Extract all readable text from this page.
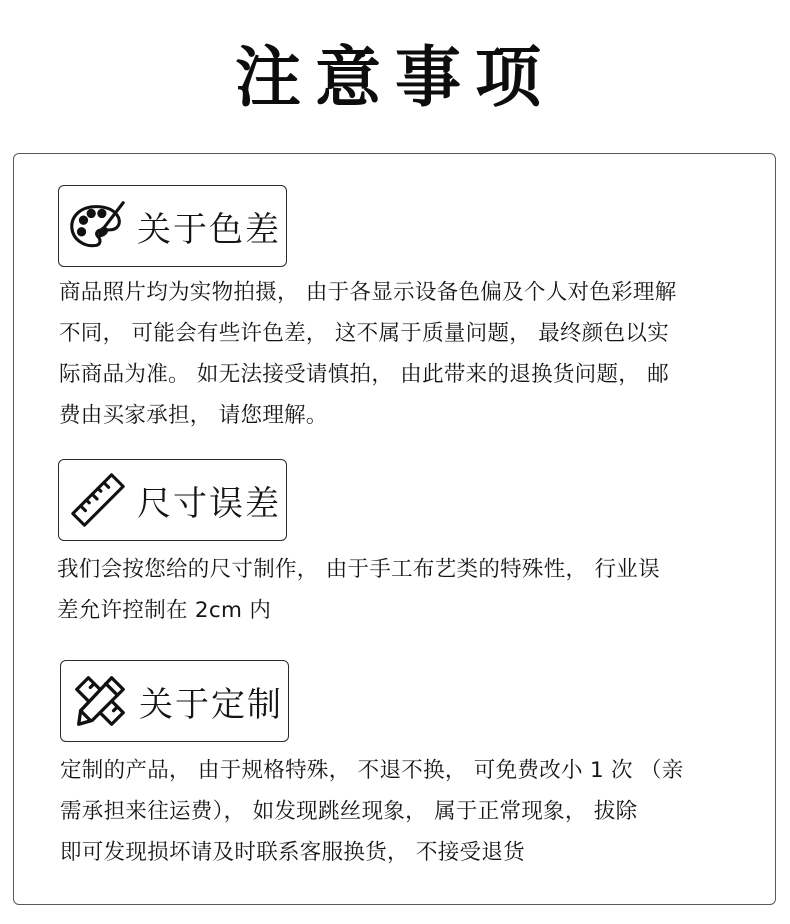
注意事项
关于色差
商品照片均为实物拍摄， 由于各显示设备色偏及个人对色彩理解
不同， 可能会有些许色差， 这不属于质量问题， 最终颜色以实
际商品为准。 如无法接受请慎拍， 由此带来的退换货问题， 邮
费由买家承担， 请您理解。
尺寸误差
我们会按您给的尺寸制作， 由于手工布艺类的特殊性， 行业误
差允许控制在 2cm 内
关于定制
定制的产品， 由于规格特殊， 不退不换， 可免费改小 1 次 （亲
需承担来往运费）， 如发现跳丝现象， 属于正常现象， 拔除
即可发现损坏请及时联系客服换货， 不接受退货
